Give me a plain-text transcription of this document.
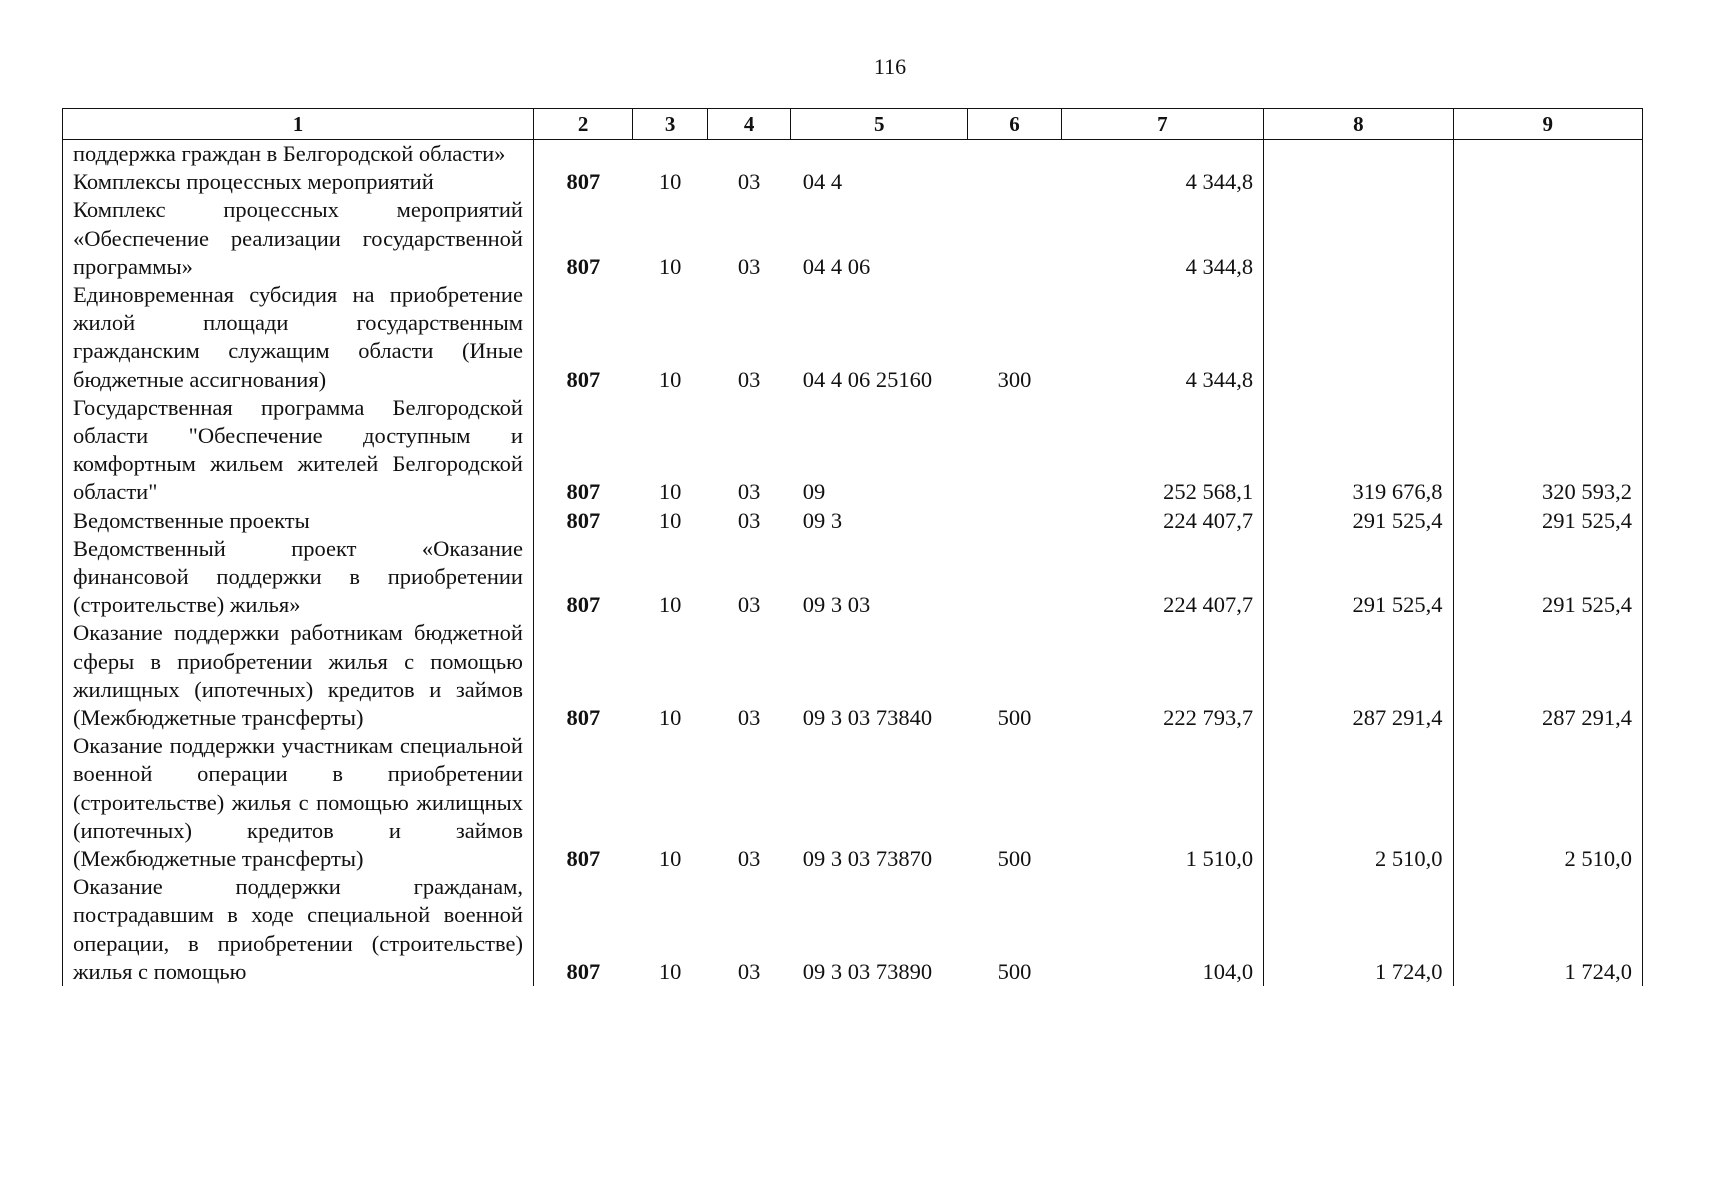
116
1	2	3	4	5	6	7	8	9
поддержка граждан в Белгородской области»								
Комплексы процессных мероприятий	807	10	03	04 4		4 344,8		
Комплекс процессных мероприятий «Обеспечение реализации государственной программы»	807	10	03	04 4 06		4 344,8		
Единовременная субсидия на приобретение жилой площади государственным гражданским служащим области (Иные бюджетные ассигнования)	807	10	03	04 4 06 25160	300	4 344,8		
Государственная программа Белгородской области "Обеспечение доступным и комфортным жильем жителей Белгородской области"	807	10	03	09		252 568,1	319 676,8	320 593,2
Ведомственные проекты	807	10	03	09 3		224 407,7	291 525,4	291 525,4
Ведомственный проект «Оказание финансовой поддержки в приобретении (строительстве) жилья»	807	10	03	09 3 03		224 407,7	291 525,4	291 525,4
Оказание поддержки работникам бюджетной сферы в приобретении жилья с помощью жилищных (ипотечных) кредитов и займов (Межбюджетные трансферты)	807	10	03	09 3 03 73840	500	222 793,7	287 291,4	287 291,4
Оказание поддержки участникам специальной военной операции в приобретении (строительстве) жилья с помощью жилищных (ипотечных) кредитов и займов (Межбюджетные трансферты)	807	10	03	09 3 03 73870	500	1 510,0	2 510,0	2 510,0
Оказание поддержки гражданам, пострадавшим в ходе специальной военной операции, в приобретении (строительстве) жилья с помощью	807	10	03	09 3 03 73890	500	104,0	1 724,0	1 724,0
